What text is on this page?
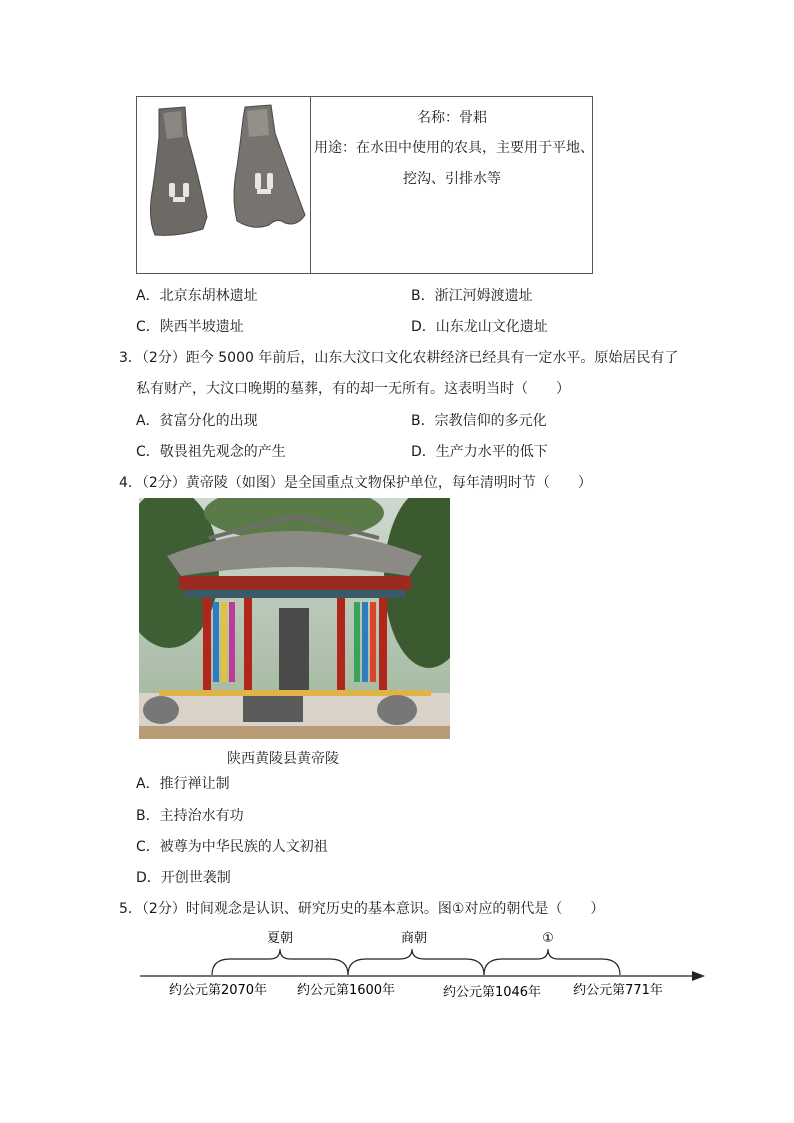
名称：骨耜
用途：在水田中使用的农具，主要用于平地、
挖沟、引排水等
A．北京东胡林遗址	B．浙江河姆渡遗址
C．陕西半坡遗址	D．山东龙山文化遗址
3．（2分）距今 5000 年前后，山东大汶口文化农耕经济已经具有一定水平。原始居民有了
私有财产，大汶口晚期的墓葬，有的却一无所有。这表明当时（　　）
A．贫富分化的出现	B．宗教信仰的多元化
C．敬畏祖先观念的产生	D．生产力水平的低下
4．（2分）黄帝陵（如图）是全国重点文物保护单位，每年清明时节（　　）
陕西黄陵县黄帝陵
A．推行禅让制
B．主持治水有功
C．被尊为中华民族的人文初祖
D．开创世袭制
5．（2分）时间观念是认识、研究历史的基本意识。图①对应的朝代是（　　）
夏朝	商朝	①
约公元第2070年 约公元第1600年	约公元第1046年 约公元第771年
